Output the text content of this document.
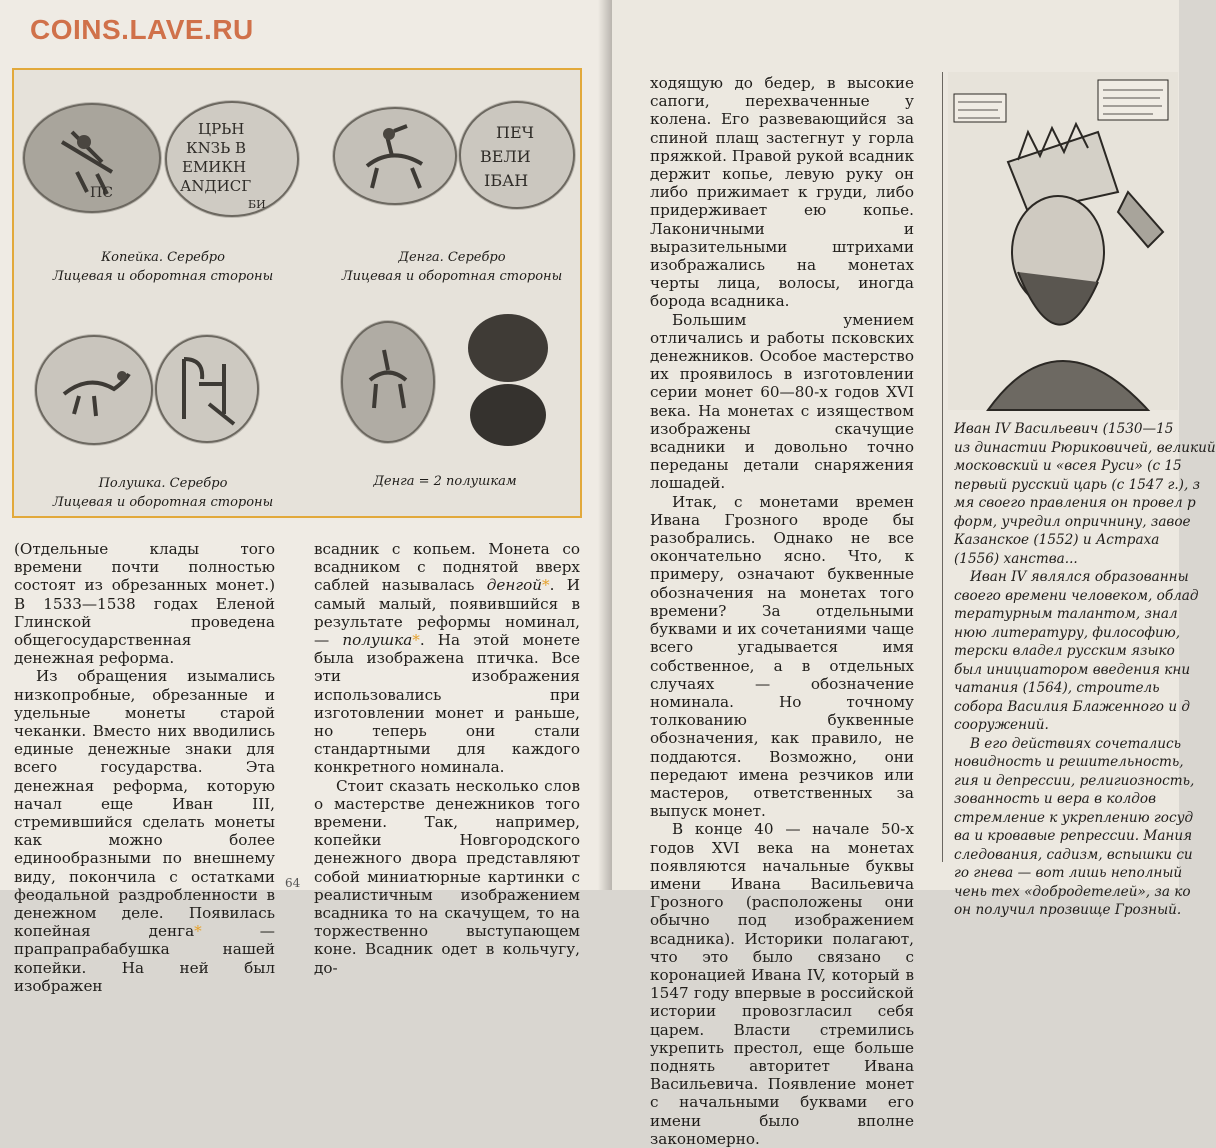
COINS.LAVE.RU
ПС
ЦРЬН
КNЗЬ В
ЕМИКН
АNДИСГ
БИ
ПЕЧ
ВЕЛИ
IБАН
Копейка. Серебро
Лицевая и оборотная стороны
Денга. Серебро
Лицевая и оборотная стороны
Полушка. Серебро
Лицевая и оборотная стороны
Денга = 2 полушкам

(Отдельные клады того времени почти полностью состоят из обрезанных монет.) В 1533—1538 годах Еленой Глинской проведена общегосударственная денежная реформа.

Из обращения изымались низкопробные, обрезанные и удельные монеты старой чеканки. Вместо них вводились единые денежные знаки для всего государства. Эта денежная реформа, которую начал еще Иван III, стремившийся сделать монеты как можно более единообразными по внешнему виду, покончила с остатками феодальной раздробленности в денежном деле. Появилась копейная денга* — прапрапрабабушка нашей копейки. На ней был изображен

всадник с копьем. Монета со всадником с поднятой вверх саблей называлась денгой*. И самый малый, появившийся в результате реформы номинал, — полушка*. На этой монете была изображена птичка. Все эти изображения использовались при изготовлении монет и раньше, но теперь они стали стандартными для каждого конкретного номинала.

Стоит сказать несколько слов о мастерстве денежников того времени. Так, например, копейки Новгородского денежного двора представляют собой миниатюрные картинки с реалистичным изображением всадника то на скачущем, то на торжественно выступающем коне. Всадник одет в кольчугу, до-

64

ходящую до бедер, в высокие сапоги, перехваченные у колена. Его развевающийся за спиной плащ застегнут у горла пряжкой. Правой рукой всадник держит копье, левую руку он либо прижимает к груди, либо придерживает ею копье. Лаконичными и выразительными штрихами изображались на монетах черты лица, волосы, иногда борода всадника.

Большим умением отличались и работы псковских денежников. Особое мастерство их проявилось в изготовлении серии монет 60—80-х годов XVI века. На монетах с изяществом изображены скачущие всадники и довольно точно переданы детали снаряжения лошадей.

Итак, с монетами времен Ивана Грозного вроде бы разобрались. Однако не все окончательно ясно. Что, к примеру, означают буквенные обозначения на монетах того времени? За отдельными буквами и их сочетаниями чаще всего угадывается имя собственное, а в отдельных случаях — обозначение номинала. Но точному толкованию буквенные обозначения, как правило, не поддаются. Возможно, они передают имена резчиков или мастеров, ответственных за выпуск монет.

В конце 40 — начале 50-х годов XVI века на монетах появляются начальные буквы имени Ивана Васильевича Грозного (расположены они обычно под изображением всадника). Историки полагают, что это было связано с коронацией Ивана IV, который в 1547 году впервые в российской истории провозгласил себя царем. Власти стремились укрепить престол, еще больше поднять авторитет Ивана Васильевича. Появление монет с начальными буквами его имени было вполне закономерно.

Иван IV Васильевич (1530—15

из династии Рюриковичей, великий

московский и «всея Руси» (с 15

первый русский царь (с 1547 г.), з

мя своего правления он провел р

форм, учредил опричнину, завое

Казанское (1552) и Астраха

(1556) ханства...

Иван IV являлся образованны

своего времени человеком, облад

тературным талантом, знал

нюю литературу, философию,

терски владел русским языко

был инициатором введения кни

чатания (1564), строитель

собора Василия Блаженного и д

сооружений.

В его действиях сочетались

новидность и решительность,

гия и депрессии, религиозность,

зованность и вера в колдов

стремление к укреплению госуд

ва и кровавые репрессии. Мания

следования, садизм, вспышки си

го гнева — вот лишь неполный

чень тех «добродетелей», за ко

он получил прозвище Грозный.
